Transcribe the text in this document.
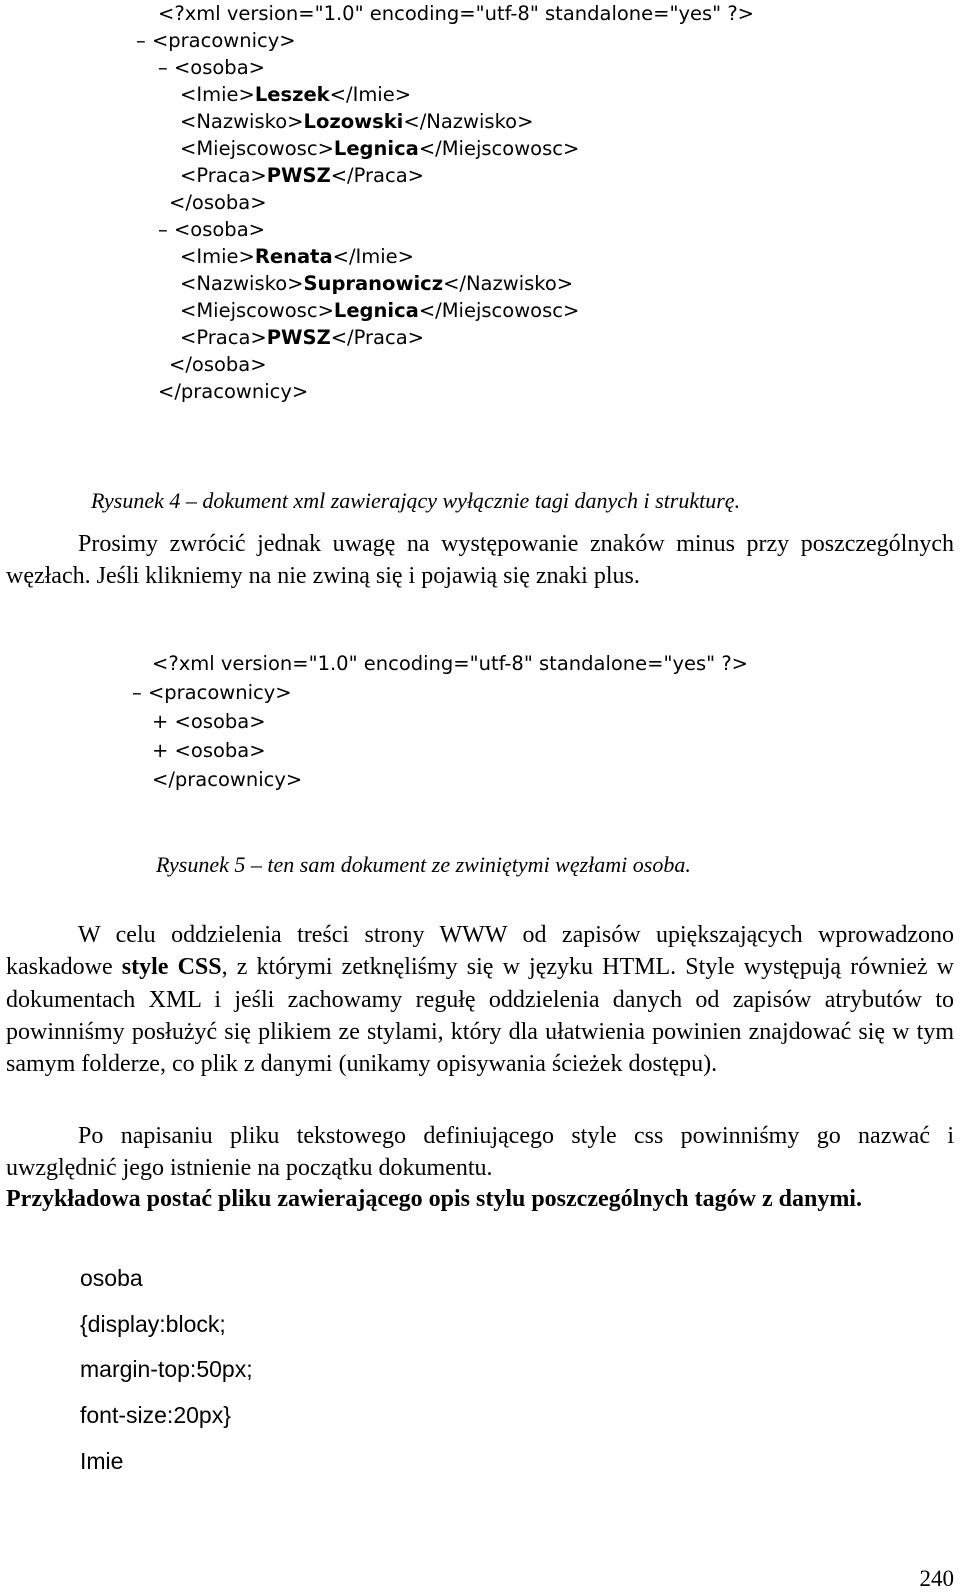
<?xml version="1.0" encoding="utf-8" standalone="yes" ?>
– <pracownicy>
– <osoba>
<Imie>Leszek</Imie>
<Nazwisko>Lozowski</Nazwisko>
<Miejscowosc>Legnica</Miejscowosc>
<Praca>PWSZ</Praca>
</osoba>
– <osoba>
<Imie>Renata</Imie>
<Nazwisko>Supranowicz</Nazwisko>
<Miejscowosc>Legnica</Miejscowosc>
<Praca>PWSZ</Praca>
</osoba>
</pracownicy>
Rysunek 4 – dokument xml zawierający wyłącznie tagi danych i strukturę.
Prosimy zwrócić jednak uwagę na występowanie znaków minus przy poszczególnych węzłach. Jeśli klikniemy na nie zwiną się i pojawią się znaki plus.
<?xml version="1.0" encoding="utf-8" standalone="yes" ?>
– <pracownicy>
+ <osoba>
+ <osoba>
</pracownicy>
Rysunek 5 – ten sam dokument ze zwiniętymi węzłami osoba.
W celu oddzielenia treści strony WWW od zapisów upiększających wprowadzono kaskadowe style CSS, z którymi zetknęliśmy się w języku HTML. Style występują również w dokumentach XML i jeśli zachowamy regułę oddzielenia danych od zapisów atrybutów to powinniśmy posłużyć się plikiem ze stylami, który dla ułatwienia powinien znajdować się w tym samym folderze, co plik z danymi (unikamy opisywania ścieżek dostępu).
Po napisaniu pliku tekstowego definiującego style css powinniśmy go nazwać i uwzględnić jego istnienie na początku dokumentu.
Przykładowa postać pliku zawierającego opis stylu poszczególnych tagów z danymi.
osoba
{display:block;
margin-top:50px;
font-size:20px}
Imie
240
